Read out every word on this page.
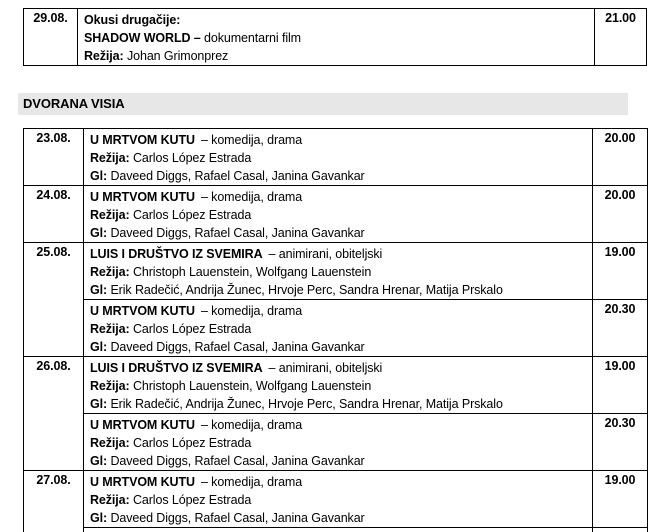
29.08.	Okusi drugačije:
SHADOW WORLD – dokumentarni film
Režija: Johan Grimonprez
	21.00
DVORANA VISIA
23.08.	U MRTVOM KUTU – komedija, drama
Režija: Carlos López Estrada
Gl: Daveed Diggs, Rafael Casal, Janina Gavankar	20.00
24.08.	U MRTVOM KUTU – komedija, drama
Režija: Carlos López Estrada
Gl: Daveed Diggs, Rafael Casal, Janina Gavankar	20.00
25.08.	LUIS I DRUŠTVO IZ SVEMIRA – animirani, obiteljski
Režija: Christoph Lauenstein, Wolfgang Lauenstein
Gl: Erik Radečić, Andrija Žunec, Hrvoje Perc, Sandra Hrenar, Matija Prskalo	19.00

	U MRTVOM KUTU – komedija, drama
Režija: Carlos López Estrada
Gl: Daveed Diggs, Rafael Casal, Janina Gavankar	20.30
26.08.	LUIS I DRUŠTVO IZ SVEMIRA – animirani, obiteljski
Režija: Christoph Lauenstein, Wolfgang Lauenstein
Gl: Erik Radečić, Andrija Žunec, Hrvoje Perc, Sandra Hrenar, Matija Prskalo	19.00

	U MRTVOM KUTU – komedija, drama
Režija: Carlos López Estrada
Gl: Daveed Diggs, Rafael Casal, Janina Gavankar	20.30
27.08.	U MRTVOM KUTU – komedija, drama
Režija: Carlos López Estrada
Gl: Daveed Diggs, Rafael Casal, Janina Gavankar	19.00
